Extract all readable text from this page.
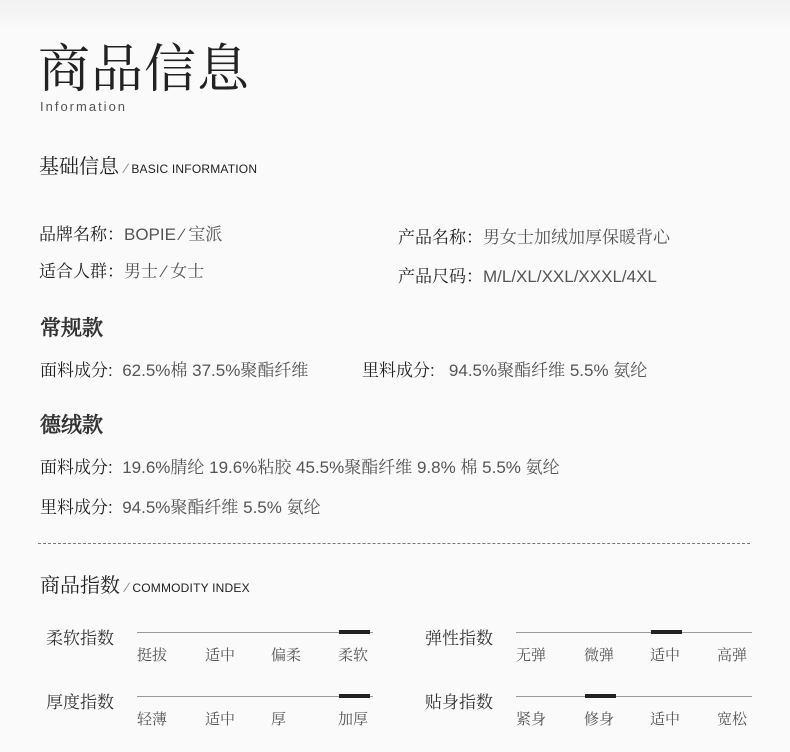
商品信息
Information
基础信息 ⁄ BASIC INFORMATION
品牌名称：BOPIE ⁄ 宝派	产品名称：男女士加绒加厚保暖背心
适合人群：男士 ⁄ 女士	产品尺码：M/L/XL/XXL/XXXL/4XL
常规款
面料成分: 62.5%棉 37.5%聚酯纤维	里料成分: 94.5%聚酯纤维 5.5% 氨纶
德绒款
面料成分: 19.6%腈纶 19.6%粘胶 45.5%聚酯纤维 9.8% 棉 5.5% 氨纶
里料成分: 94.5%聚酯纤维 5.5% 氨纶
商品指数 ⁄ COMMODITY INDEX
柔软指数
挺拔	适中 偏柔 柔软
弹性指数
无弹	微弹 适中 高弹
厚度指数
轻薄	适中 厚	加厚
贴身指数
紧身	修身 适中 宽松
